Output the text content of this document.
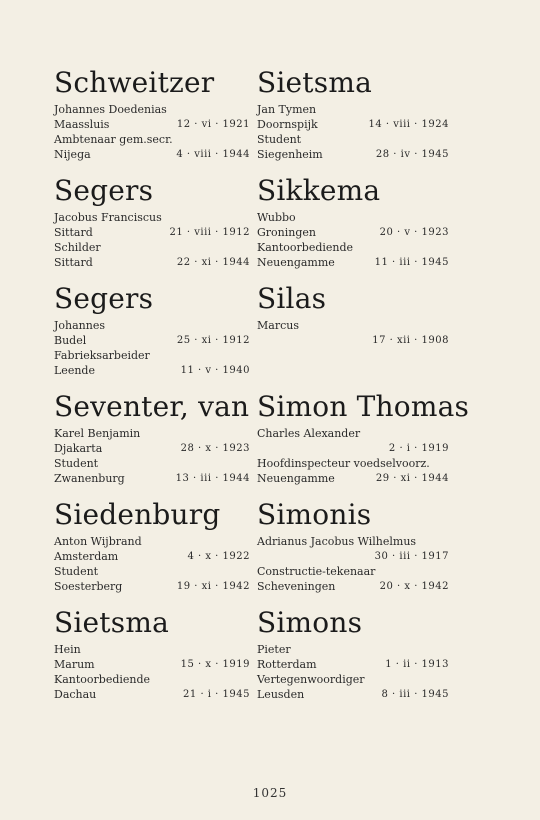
Schweitzer
Johannes Doedenias
Maassluis	12 · vi · 1921
Ambtenaar gem.secr.
Nijega	4 · viii · 1944
Segers
Jacobus Franciscus
Sittard	21 · viii · 1912
Schilder
Sittard	22 · xi · 1944
Segers
Johannes
Budel	25 · xi · 1912
Fabrieksarbeider
Leende	11 · v · 1940
Seventer, van
Karel Benjamin
Djakarta	28 · x · 1923
Student
Zwanenburg	13 · iii · 1944
Siedenburg
Anton Wijbrand
Amsterdam	4 · x · 1922
Student
Soesterberg	19 · xi · 1942
Sietsma
Hein
Marum	15 · x · 1919
Kantoorbediende
Dachau	21 · i · 1945
Sietsma
Jan Tymen
Doornspijk	14 · viii · 1924
Student
Siegenheim	28 · iv · 1945
Sikkema
Wubbo
Groningen	20 · v · 1923
Kantoorbediende
Neuengamme	11 · iii · 1945
Silas
Marcus
17 · xii · 1908
Simon Thomas
Charles Alexander
2 · i · 1919
Hoofdinspecteur voedselvoorz.
Neuengamme	29 · xi · 1944
Simonis
Adrianus Jacobus Wilhelmus
30 · iii · 1917
Constructie-tekenaar
Scheveningen	20 · x · 1942
Simons
Pieter
Rotterdam	1 · ii · 1913
Vertegenwoordiger
Leusden	8 · iii · 1945
1025
